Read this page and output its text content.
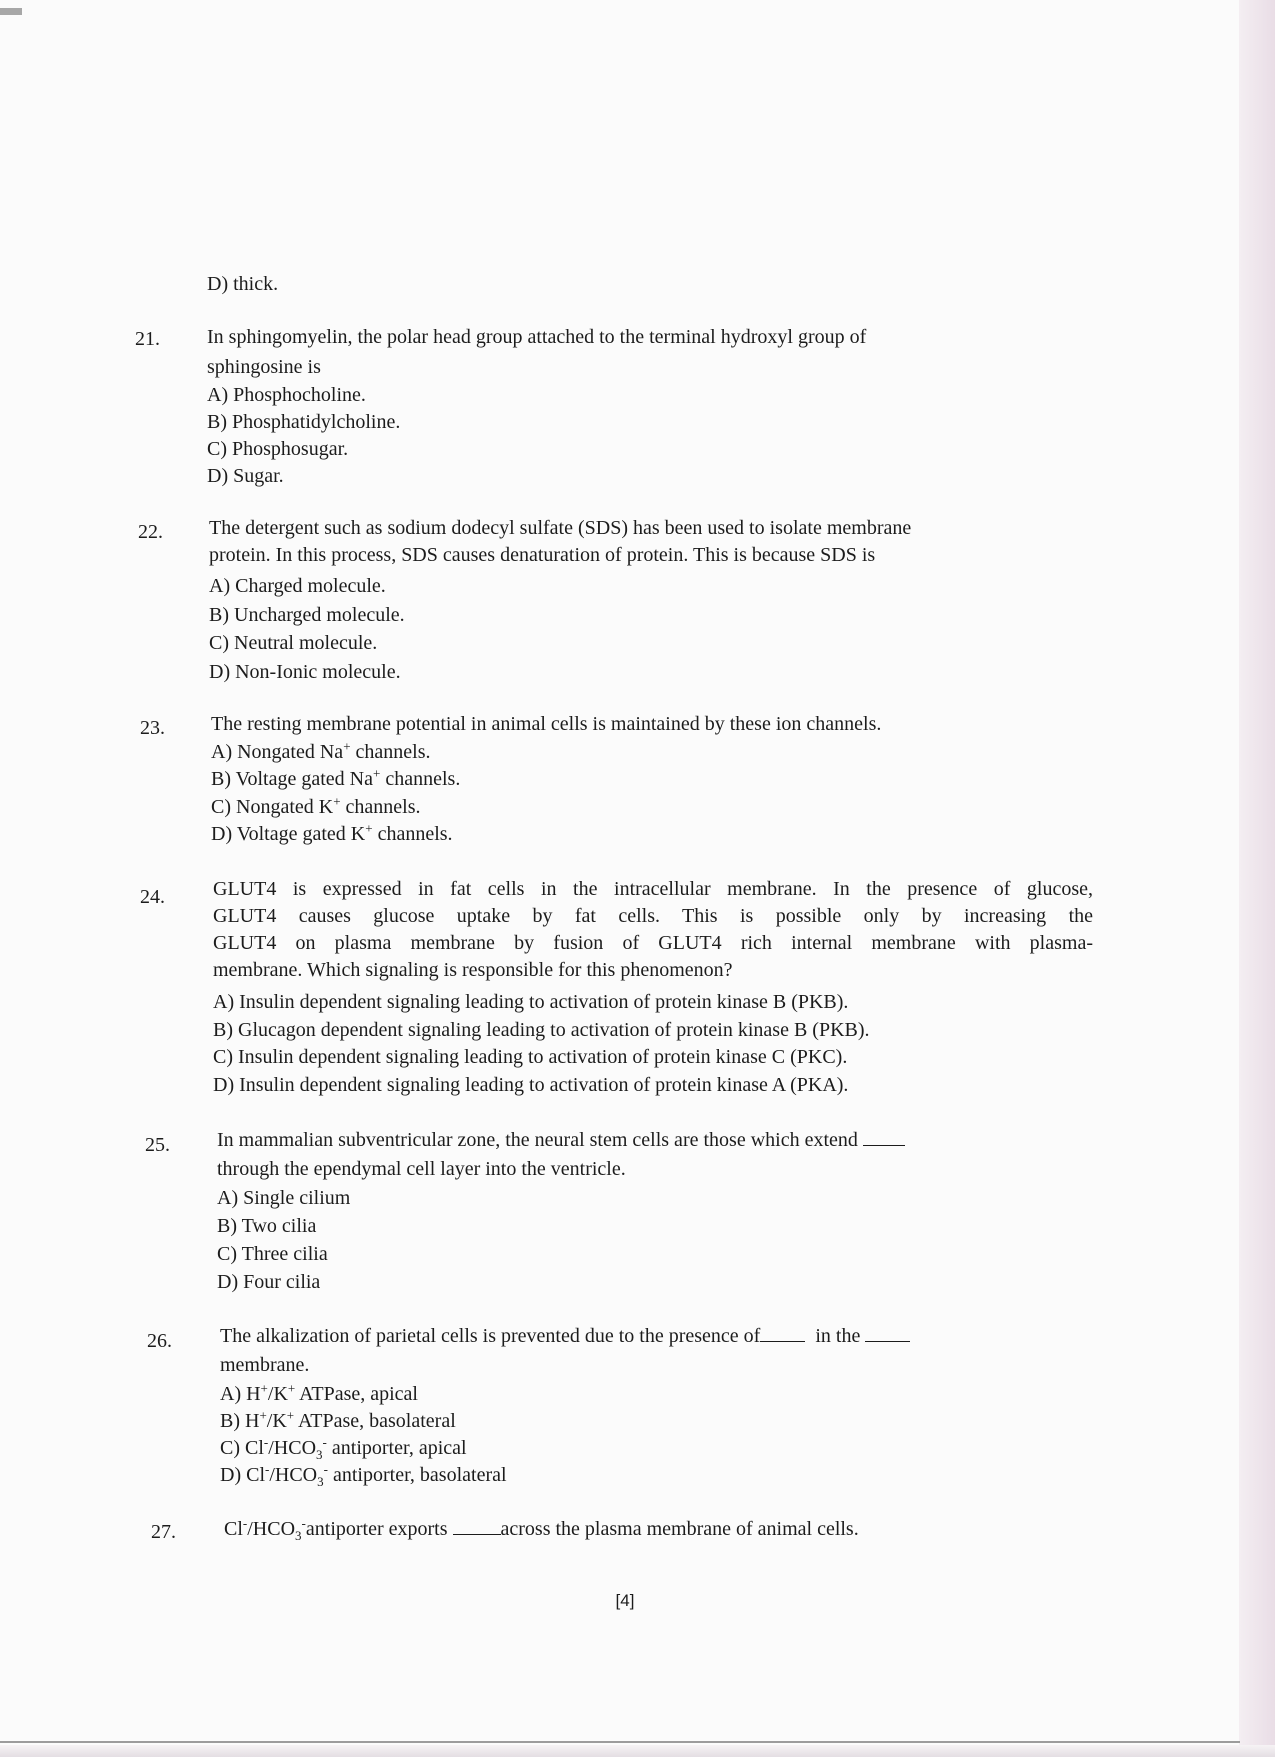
D) thick.
21. In sphingomyelin, the polar head group attached to the terminal hydroxyl group of
sphingosine is
A) Phosphocholine.
B) Phosphatidylcholine.
C) Phosphosugar.
D) Sugar.
22. The detergent such as sodium dodecyl sulfate (SDS) has been used to isolate membrane
protein. In this process, SDS causes denaturation of protein. This is because SDS is
A) Charged molecule.
B) Uncharged molecule.
C) Neutral molecule.
D) Non-Ionic molecule.
23. The resting membrane potential in animal cells is maintained by these ion channels.
A) Nongated Na+ channels.
B) Voltage gated Na+ channels.
C) Nongated K+ channels.
D) Voltage gated K+ channels.
24. GLUT4 is expressed in fat cells in the intracellular membrane. In the presence of glucose,
GLUT4 causes glucose uptake by fat cells. This is possible only by increasing the
GLUT4 on plasma membrane by fusion of GLUT4 rich internal membrane with plasma-
membrane. Which signaling is responsible for this phenomenon?
A) Insulin dependent signaling leading to activation of protein kinase B (PKB).
B) Glucagon dependent signaling leading to activation of protein kinase B (PKB).
C) Insulin dependent signaling leading to activation of protein kinase C (PKC).
D) Insulin dependent signaling leading to activation of protein kinase A (PKA).
25. In mammalian subventricular zone, the neural stem cells are those which extend
through the ependymal cell layer into the ventricle.
A) Single cilium
B) Two cilia
C) Three cilia
D) Four cilia
26. The alkalization of parietal cells is prevented due to the presence of	in the
membrane.
A) H+/K+ ATPase, apical
B) H+/K+ ATPase, basolateral
C) $Cl^-/HCO_3^-$ antiporter, apical
D) $Cl^-/HCO_3^-$ antiporter, basolateral
27. $Cl^-/HCO_3^-antiporter$ exports	across the plasma membrane of animal cells.
[4]
